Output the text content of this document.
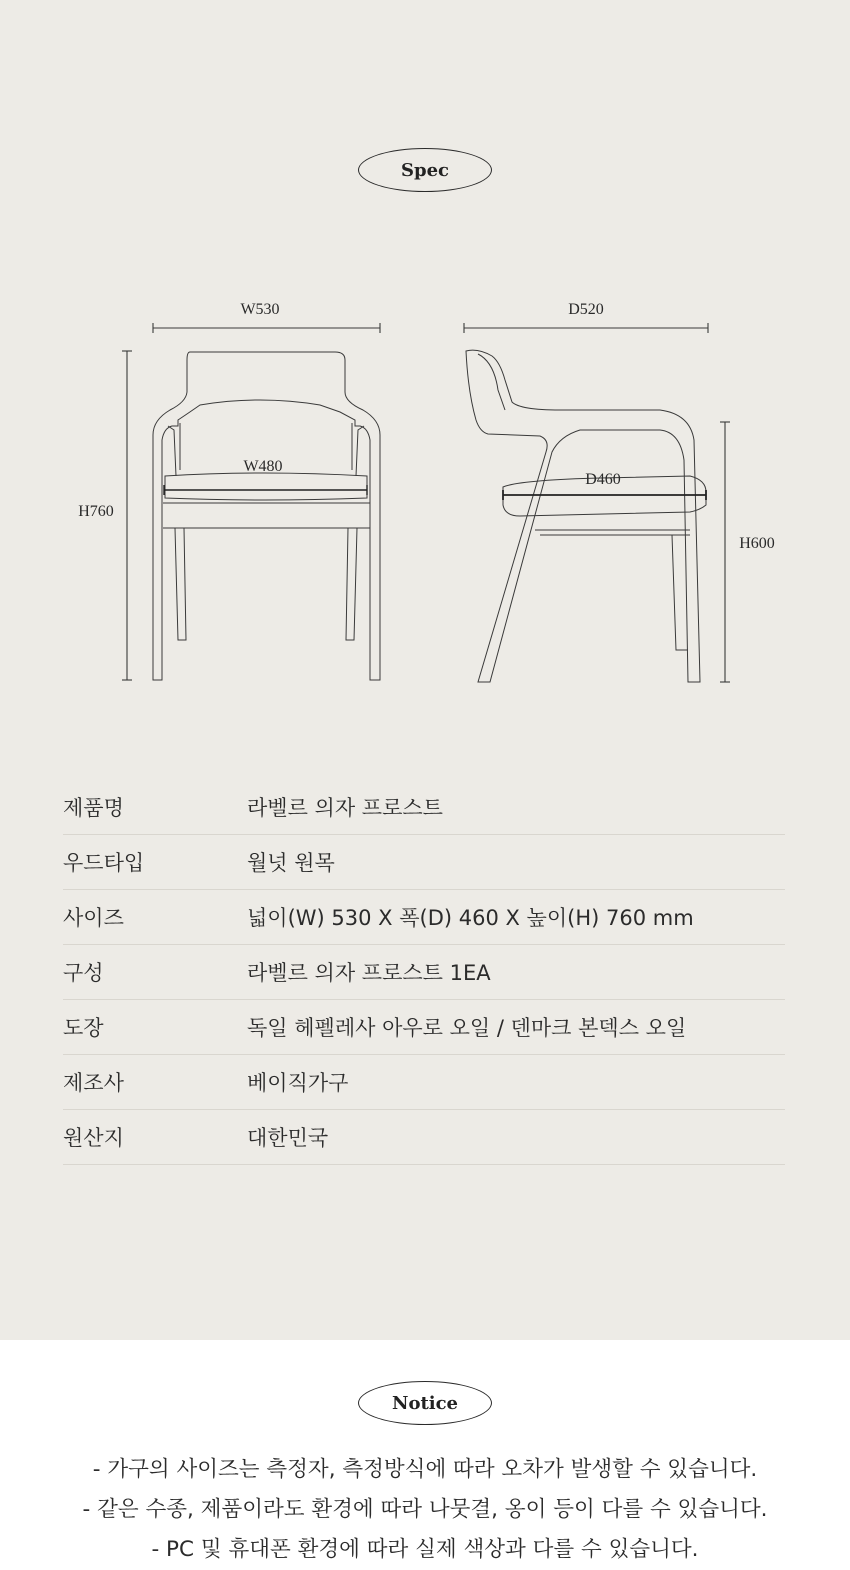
Spec
W530
H760
W480
D520
D460
H600
제품명	라벨르 의자 프로스트
우드타입	월넛 원목
사이즈	넓이(W) 530 X 폭(D) 460 X 높이(H) 760 mm
구성	라벨르 의자 프로스트 1EA
도장	독일 헤펠레사 아우로 오일 / 덴마크 본덱스 오일
제조사	베이직가구
원산지	대한민국
Notice
- 가구의 사이즈는 측정자, 측정방식에 따라 오차가 발생할 수 있습니다.
- 같은 수종, 제품이라도 환경에 따라 나뭇결, 옹이 등이 다를 수 있습니다.
- PC 및 휴대폰 환경에 따라 실제 색상과 다를 수 있습니다.
